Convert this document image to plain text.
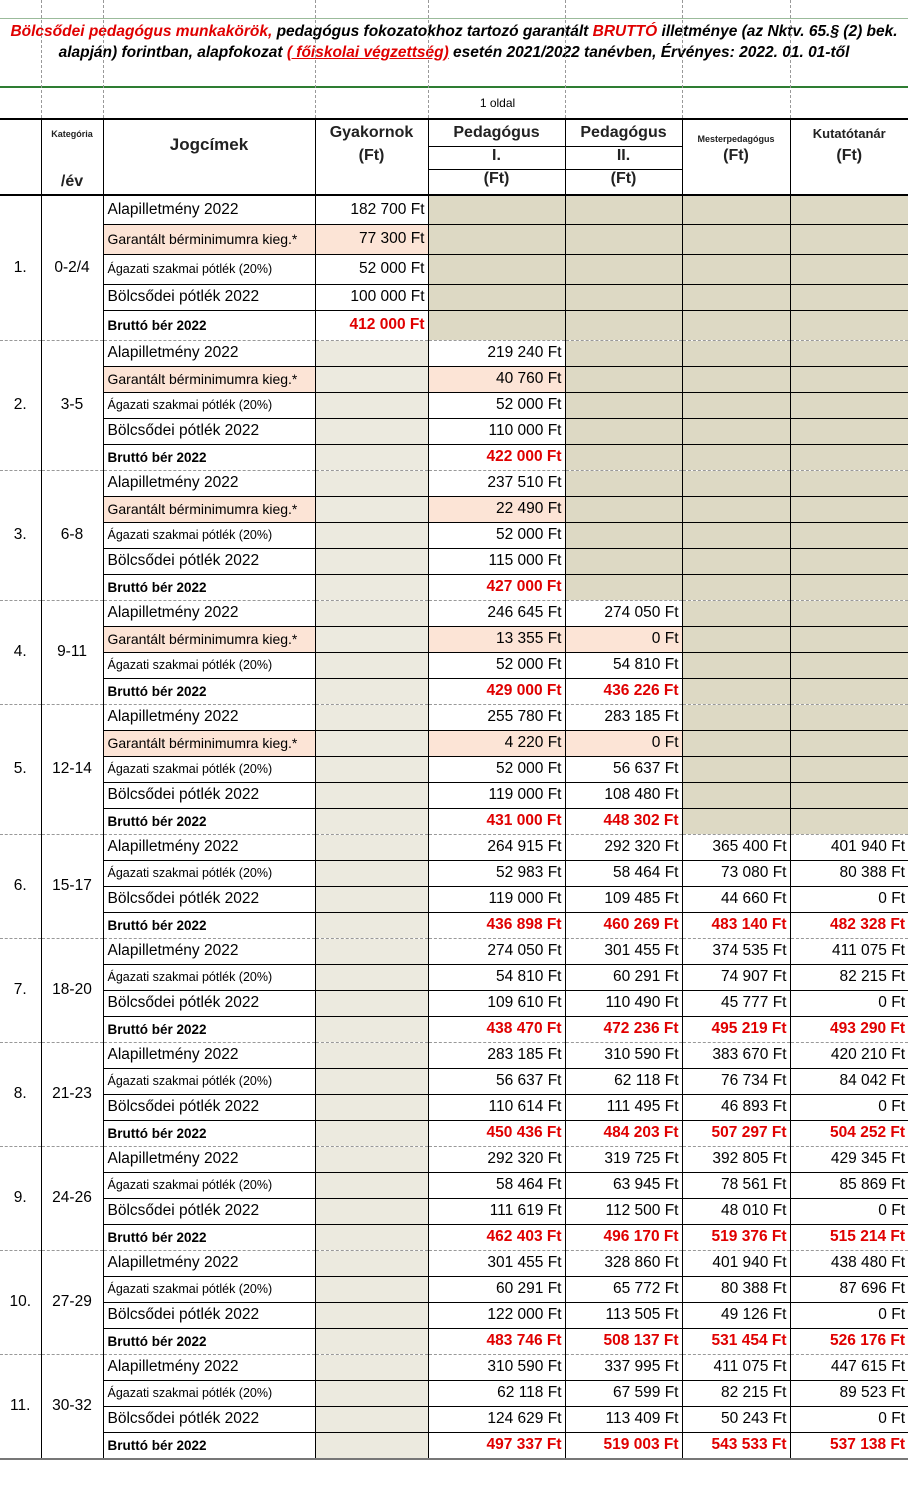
Bölcsődei pedagógus munkakörök, pedagógus fokozatokhoz tartozó garantált BRUTTÓ illetménye (az Nktv. 65.§ (2) bek. alapján) forintban, alapfokozat ( főiskolai végzettség) esetén 2021/2022 tanévben, Érvényes: 2022. 01. 01-től
1 oldal
	Kategória	Jogcímek	Gyakornok	Pedagógus	Pedagógus	Mesterpedagógus	Kutatótanár
			(Ft)	I.	II.	(Ft)	(Ft)
	/év			(Ft)	(Ft)		
1.	0-2/4	Alapilletmény 2022	182 700 Ft				
		Garantált bérminimumra kieg.*	77 300 Ft				
		Ágazati szakmai pótlék (20%)	52 000 Ft				
		Bölcsődei pótlék 2022	100 000 Ft				
		Bruttó bér 2022	412 000 Ft				
2.	3-5	Alapilletmény 2022		219 240 Ft			
		Garantált bérminimumra kieg.*		40 760 Ft			
		Ágazati szakmai pótlék (20%)		52 000 Ft			
		Bölcsődei pótlék 2022		110 000 Ft			
		Bruttó bér 2022		422 000 Ft			
3.	6-8	Alapilletmény 2022		237 510 Ft			
		Garantált bérminimumra kieg.*		22 490 Ft			
		Ágazati szakmai pótlék (20%)		52 000 Ft			
		Bölcsődei pótlék 2022		115 000 Ft			
		Bruttó bér 2022		427 000 Ft			
4.	9-11	Alapilletmény 2022		246 645 Ft	274 050 Ft		
		Garantált bérminimumra kieg.*		13 355 Ft	0 Ft		
		Ágazati szakmai pótlék (20%)		52 000 Ft	54 810 Ft		
		Bruttó bér 2022		429 000 Ft	436 226 Ft		
5.	12-14	Alapilletmény 2022		255 780 Ft	283 185 Ft		
		Garantált bérminimumra kieg.*		4 220 Ft	0 Ft		
		Ágazati szakmai pótlék (20%)		52 000 Ft	56 637 Ft		
		Bölcsődei pótlék 2022		119 000 Ft	108 480 Ft		
		Bruttó bér 2022		431 000 Ft	448 302 Ft		
6.	15-17	Alapilletmény 2022		264 915 Ft	292 320 Ft	365 400 Ft	401 940 Ft
		Ágazati szakmai pótlék (20%)		52 983 Ft	58 464 Ft	73 080 Ft	80 388 Ft
		Bölcsődei pótlék 2022		119 000 Ft	109 485 Ft	44 660 Ft	0 Ft
		Bruttó bér 2022		436 898 Ft	460 269 Ft	483 140 Ft	482 328 Ft
7.	18-20	Alapilletmény 2022		274 050 Ft	301 455 Ft	374 535 Ft	411 075 Ft
		Ágazati szakmai pótlék (20%)		54 810 Ft	60 291 Ft	74 907 Ft	82 215 Ft
		Bölcsődei pótlék 2022		109 610 Ft	110 490 Ft	45 777 Ft	0 Ft
		Bruttó bér 2022		438 470 Ft	472 236 Ft	495 219 Ft	493 290 Ft
8.	21-23	Alapilletmény 2022		283 185 Ft	310 590 Ft	383 670 Ft	420 210 Ft
		Ágazati szakmai pótlék (20%)		56 637 Ft	62 118 Ft	76 734 Ft	84 042 Ft
		Bölcsődei pótlék 2022		110 614 Ft	111 495 Ft	46 893 Ft	0 Ft
		Bruttó bér 2022		450 436 Ft	484 203 Ft	507 297 Ft	504 252 Ft
9.	24-26	Alapilletmény 2022		292 320 Ft	319 725 Ft	392 805 Ft	429 345 Ft
		Ágazati szakmai pótlék (20%)		58 464 Ft	63 945 Ft	78 561 Ft	85 869 Ft
		Bölcsődei pótlék 2022		111 619 Ft	112 500 Ft	48 010 Ft	0 Ft
		Bruttó bér 2022		462 403 Ft	496 170 Ft	519 376 Ft	515 214 Ft
10.	27-29	Alapilletmény 2022		301 455 Ft	328 860 Ft	401 940 Ft	438 480 Ft
		Ágazati szakmai pótlék (20%)		60 291 Ft	65 772 Ft	80 388 Ft	87 696 Ft
		Bölcsődei pótlék 2022		122 000 Ft	113 505 Ft	49 126 Ft	0 Ft
		Bruttó bér 2022		483 746 Ft	508 137 Ft	531 454 Ft	526 176 Ft
11.	30-32	Alapilletmény 2022		310 590 Ft	337 995 Ft	411 075 Ft	447 615 Ft
		Ágazati szakmai pótlék (20%)		62 118 Ft	67 599 Ft	82 215 Ft	89 523 Ft
		Bölcsődei pótlék 2022		124 629 Ft	113 409 Ft	50 243 Ft	0 Ft
		Bruttó bér 2022		497 337 Ft	519 003 Ft	543 533 Ft	537 138 Ft
